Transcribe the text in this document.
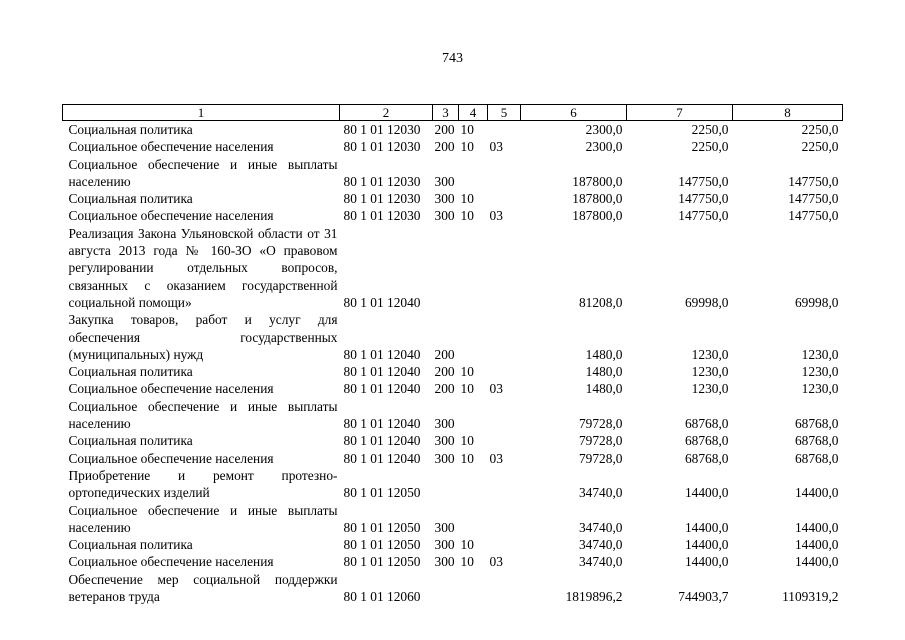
743
1	2	3	4	5	6	7	8
Социальная политика	80 1 01 12030	200	10		2300,0	2250,0	2250,0
Социальное обеспечение населения	80 1 01 12030	200	10	03	2300,0	2250,0	2250,0
Социальное обеспечение и иные выплаты населению	80 1 01 12030	300			187800,0	147750,0	147750,0
Социальная политика	80 1 01 12030	300	10		187800,0	147750,0	147750,0
Социальное обеспечение населения	80 1 01 12030	300	10	03	187800,0	147750,0	147750,0
Реализация Закона Ульяновской области от 31 августа 2013 года № 160-ЗО «О правовом регулировании отдельных вопросов, связанных с оказанием государственной социальной помощи»	80 1 01 12040				81208,0	69998,0	69998,0
Закупка товаров, работ и услуг для обеспечения государственных (муниципальных) нужд	80 1 01 12040	200			1480,0	1230,0	1230,0
Социальная политика	80 1 01 12040	200	10		1480,0	1230,0	1230,0
Социальное обеспечение населения	80 1 01 12040	200	10	03	1480,0	1230,0	1230,0
Социальное обеспечение и иные выплаты населению	80 1 01 12040	300			79728,0	68768,0	68768,0
Социальная политика	80 1 01 12040	300	10		79728,0	68768,0	68768,0
Социальное обеспечение населения	80 1 01 12040	300	10	03	79728,0	68768,0	68768,0
Приобретение и ремонт протезно-ортопедических изделий	80 1 01 12050				34740,0	14400,0	14400,0
Социальное обеспечение и иные выплаты населению	80 1 01 12050	300			34740,0	14400,0	14400,0
Социальная политика	80 1 01 12050	300	10		34740,0	14400,0	14400,0
Социальное обеспечение населения	80 1 01 12050	300	10	03	34740,0	14400,0	14400,0
Обеспечение мер социальной поддержки ветеранов труда	80 1 01 12060				1819896,2	744903,7	1109319,2
